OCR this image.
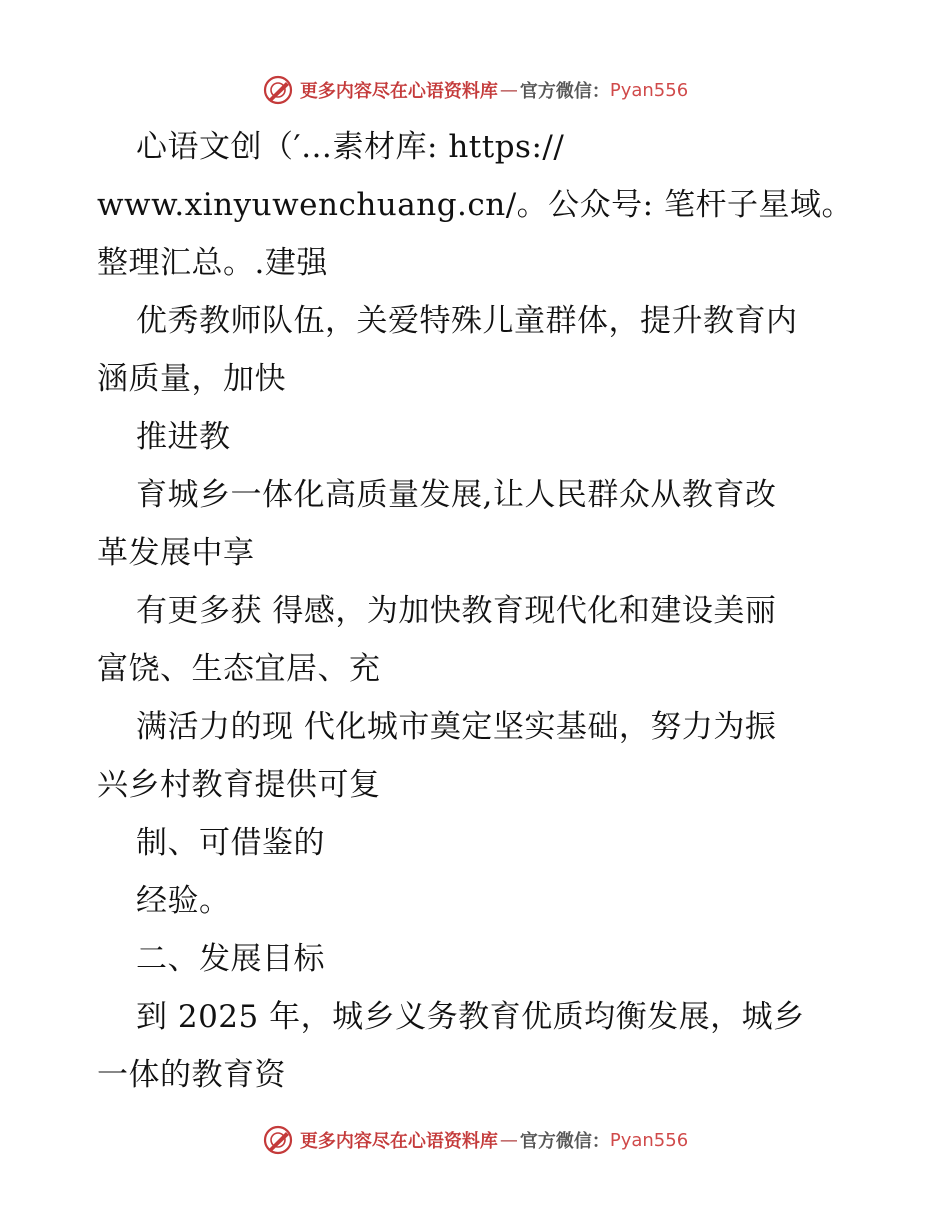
更多内容尽在心语资料库 — 官方微信： Pyan556
心语文创（′…素材库: https://
www.xinyuwenchuang.cn/。公众号: 笔杆子星域。
整理汇总。.建强
优秀教师队伍，关爱特殊儿童群体，提升教育内
涵质量，加快
推进教
育城乡一体化高质量发展,让人民群众从教育改
革发展中享
有更多获 得感，为加快教育现代化和建设美丽
富饶、生态宜居、充
满活力的现 代化城市奠定坚实基础，努力为振
兴乡村教育提供可复
制、可借鉴的
经验。
二、发展目标
到 2025 年，城乡义务教育优质均衡发展，城乡
一体的教育资
更多内容尽在心语资料库 — 官方微信： Pyan556
